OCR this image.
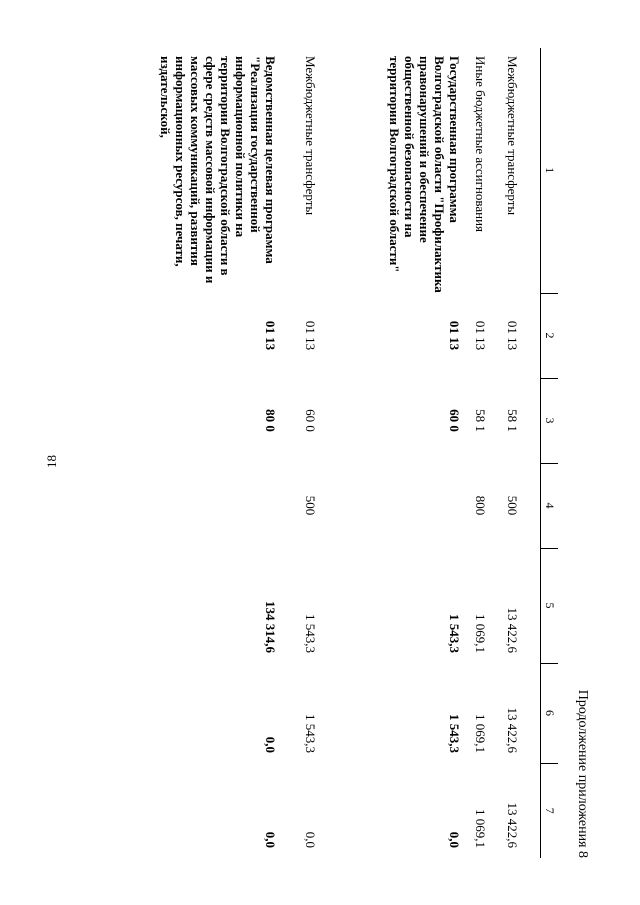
18
Продолжение приложения 8
1	2	3	4	5	6	7
Межбюджетные трансферты	01 13	58 1	500	13 422,6	13 422,6	13 422,6
Иные бюджетные ассигнования	01 13	58 1	800	1 069,1	1 069,1	1 069,1
Государственная программа Волгоградской области "Профилактика правонарушений и обеспечение общественной безопасности на территории Волгоградской области"	01 13	60 0		1 543,3	1 543,3	0,0
Межбюджетные трансферты	01 13	60 0	500	1 543,3	1 543,3	0,0
Ведомственная целевая программа "Реализация государственной информационной политики на территории Волгоградской области в сфере средств массовой информации и массовых коммуникаций, развития информационных ресурсов, печати, издательской,	01 13	80 0		134 314,6	0,0	0,0
